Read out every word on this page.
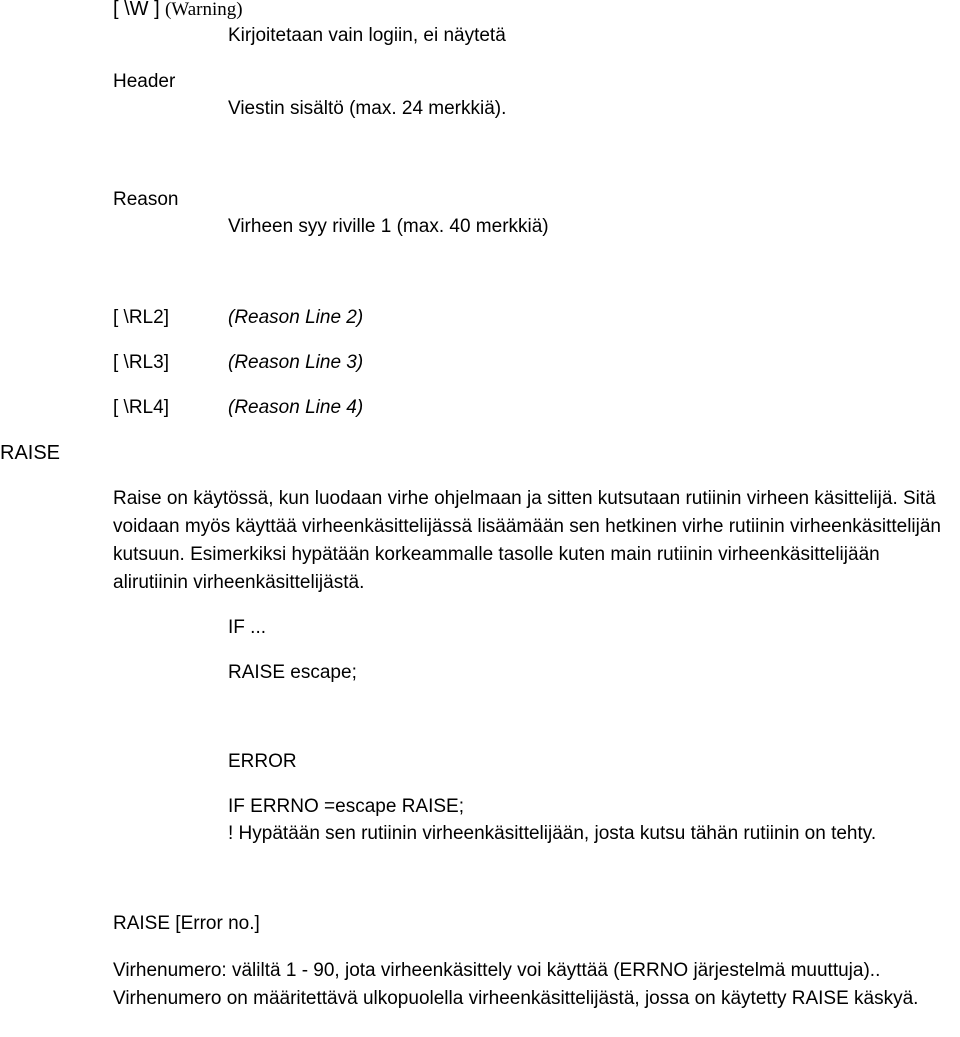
[ \W ] (Warning)
Kirjoitetaan vain logiin, ei näytetä
Header
Viestin sisältö (max. 24 merkkiä).
Reason
Virheen syy riville 1 (max. 40 merkkiä)
[ \RL2]	(Reason Line 2)
[ \RL3]	(Reason Line 3)
[ \RL4]	(Reason Line 4)
RAISE
Raise on käytössä, kun luodaan virhe ohjelmaan ja sitten kutsutaan rutiinin virheen käsittelijä. Sitä voidaan myös käyttää virheenkäsittelijässä lisäämään sen hetkinen virhe rutiinin virheenkäsittelijän kutsuun. Esimerkiksi hypätään korkeammalle tasolle kuten main rutiinin virheenkäsittelijään alirutiinin virheenkäsittelijästä.
IF ...
RAISE escape;
ERROR
IF ERRNO =escape RAISE;
! Hypätään sen rutiinin virheenkäsittelijään, josta kutsu tähän rutiinin on tehty.
RAISE [Error no.]
Virhenumero: väliltä 1 - 90, jota virheenkäsittely voi käyttää (ERRNO järjestelmä muuttuja).. Virhenumero on määritettävä ulkopuolella virheenkäsittelijästä, jossa on käytetty RAISE käskyä.
